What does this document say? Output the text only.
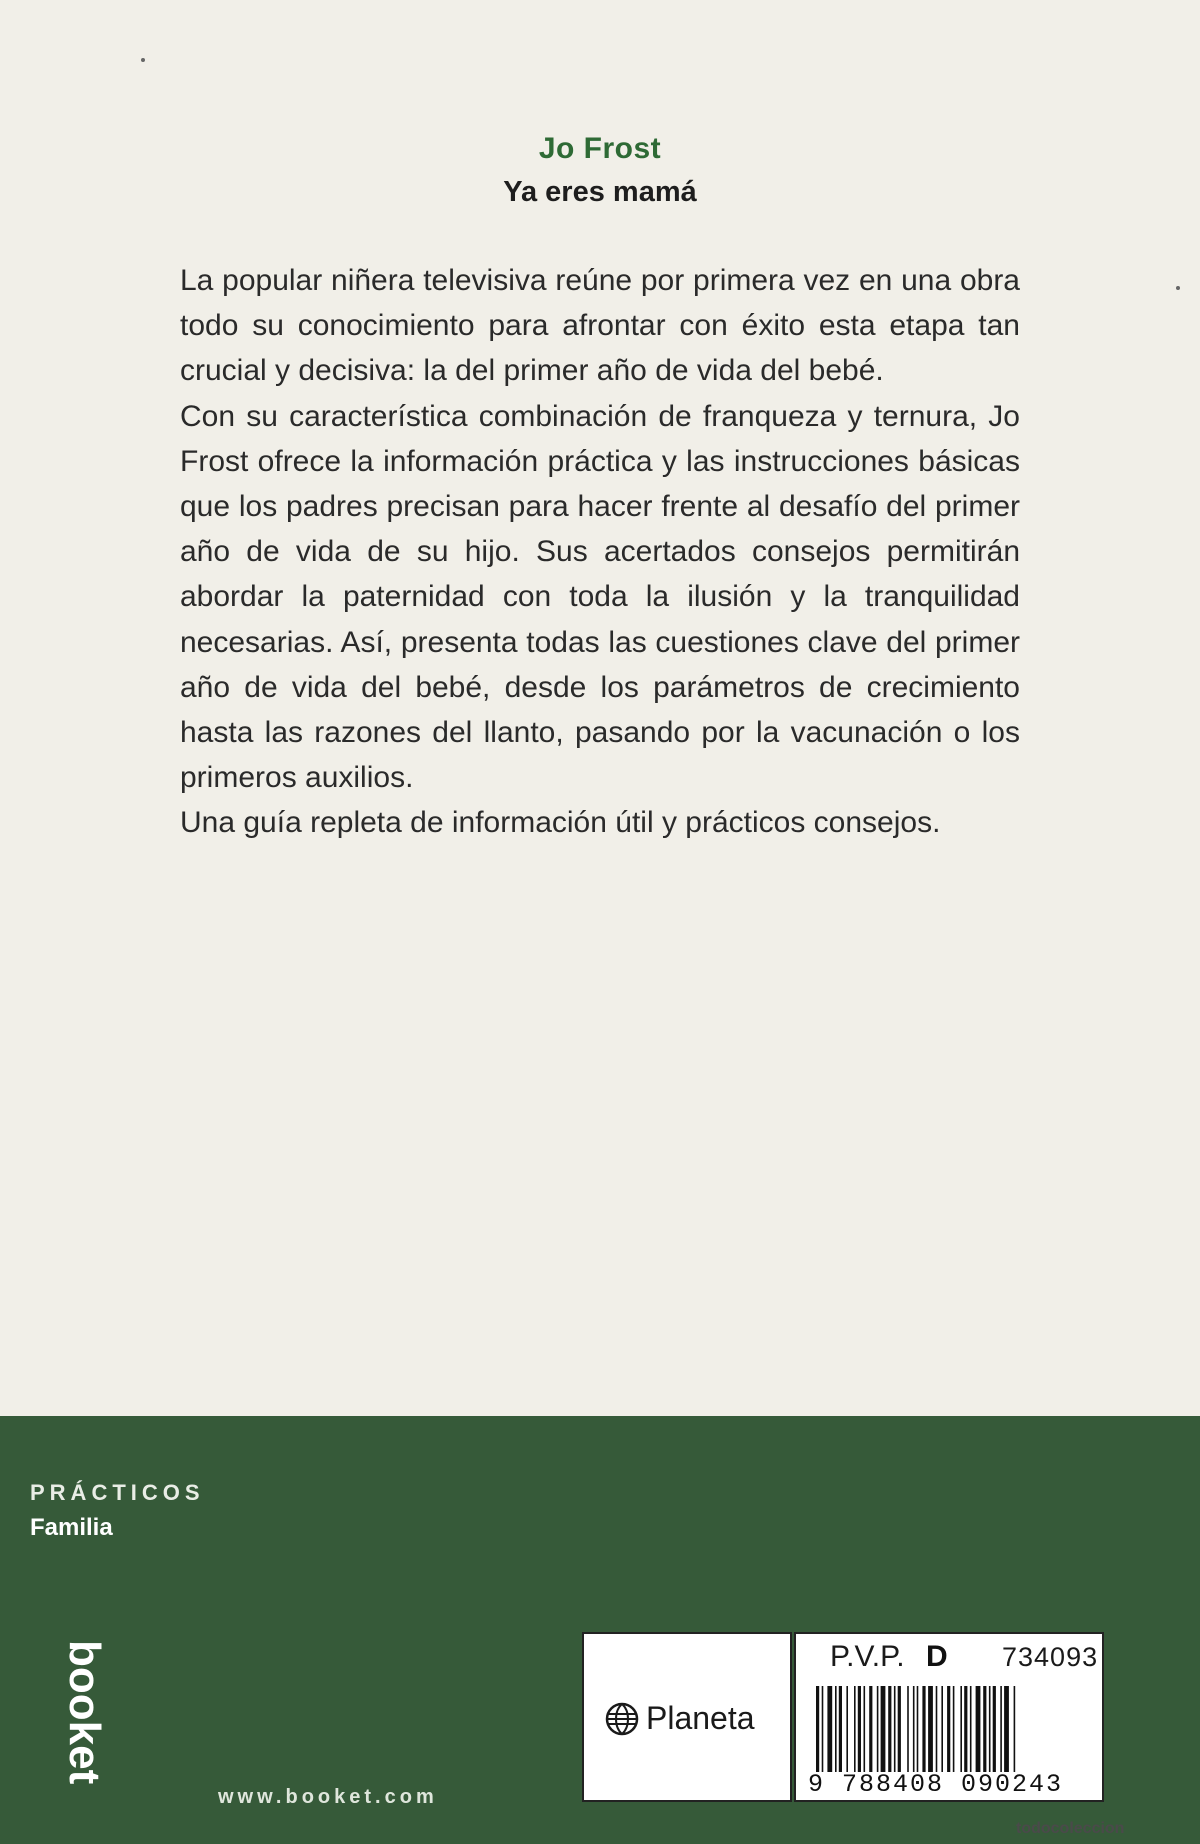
Jo Frost
Ya eres mamá

La popular niñera televisiva reúne por primera vez en una obra todo su conocimiento para afrontar con éxito esta etapa tan crucial y decisiva: la del primer año de vida del bebé.

Con su característica combinación de franqueza y ternura, Jo Frost ofrece la información práctica y las instrucciones básicas que los padres precisan para hacer frente al desafío del primer año de vida de su hijo. Sus acertados consejos permitirán abordar la paternidad con toda la ilusión y la tranquilidad necesarias. Así, presenta todas las cuestiones clave del primer año de vida del bebé, desde los parámetros de crecimiento hasta las razones del llanto, pasando por la vacunación o los primeros auxilios.

Una guía repleta de información útil y prácticos consejos.

PRÁCTICOS
Familia
booket
www.booket.com
Planeta
P.V.P. D 734093
9 788408 090243
todocoleccion
